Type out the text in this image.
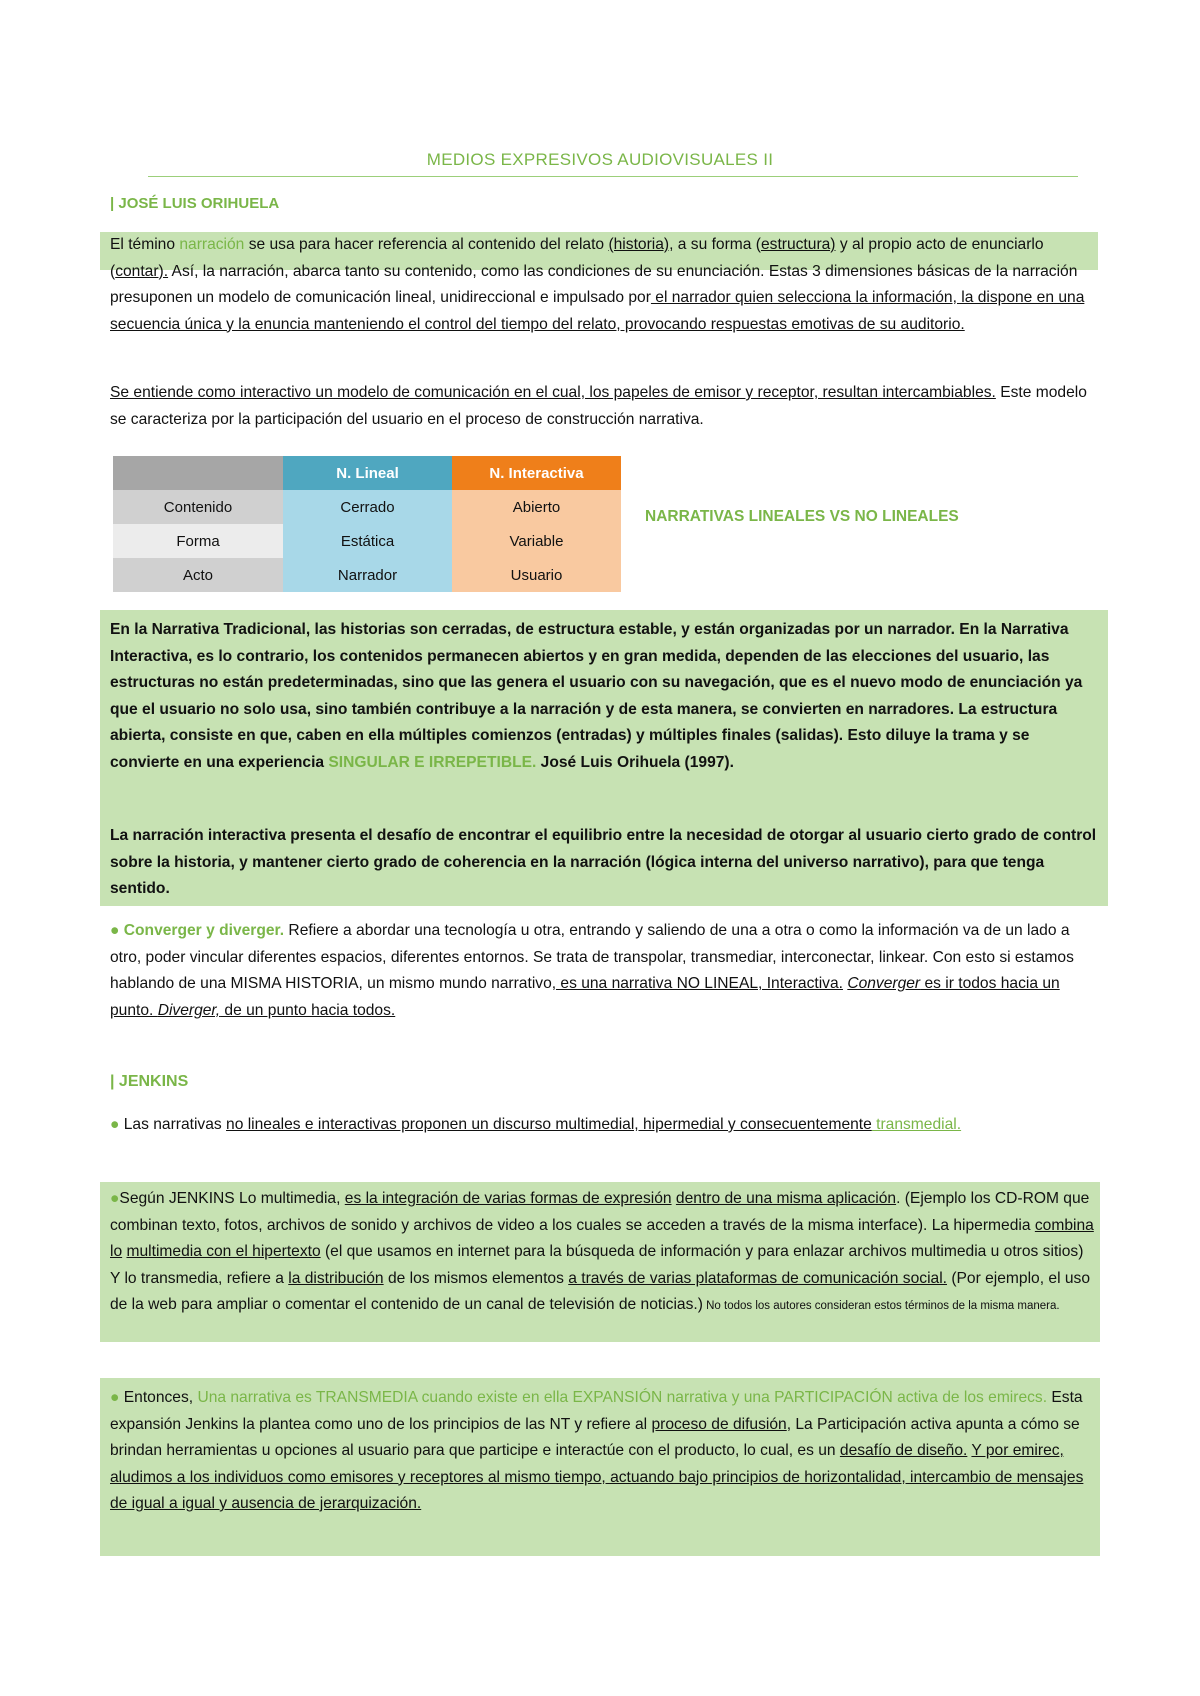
MEDIOS EXPRESIVOS AUDIOVISUALES II
| JOSÉ LUIS ORIHUELA
El témino narración se usa para hacer referencia al contenido del relato (historia), a su forma (estructura) y al propio acto de enunciarlo (contar). Así, la narración, abarca tanto su contenido, como las condiciones de su enunciación. Estas 3 dimensiones básicas de la narración presuponen un modelo de comunicación lineal, unidireccional e impulsado por el narrador quien selecciona la información, la dispone en una secuencia única y la enuncia manteniendo el control del tiempo del relato, provocando respuestas emotivas de su auditorio.
Se entiende como interactivo un modelo de comunicación en el cual, los papeles de emisor y receptor, resultan intercambiables. Este modelo se caracteriza por la participación del usuario en el proceso de construcción narrativa.
	N. Lineal	N. Interactiva
Contenido	Cerrado	Abierto
Forma	Estática	Variable
Acto	Narrador	Usuario
NARRATIVAS LINEALES VS NO LINEALES
En la Narrativa Tradicional, las historias son cerradas, de estructura estable, y están organizadas por un narrador. En la Narrativa Interactiva, es lo contrario, los contenidos permanecen abiertos y en gran medida, dependen de las elecciones del usuario, las estructuras no están predeterminadas, sino que las genera el usuario con su navegación, que es el nuevo modo de enunciación ya que el usuario no solo usa, sino también contribuye a la narración y de esta manera, se convierten en narradores. La estructura abierta, consiste en que, caben en ella múltiples comienzos (entradas) y múltiples finales (salidas). Esto diluye la trama y se convierte en una experiencia SINGULAR E IRREPETIBLE. José Luis Orihuela (1997).
La narración interactiva presenta el desafío de encontrar el equilibrio entre la necesidad de otorgar al usuario cierto grado de control sobre la historia, y mantener cierto grado de coherencia en la narración (lógica interna del universo narrativo), para que tenga sentido.
● Converger y diverger. Refiere a abordar una tecnología u otra, entrando y saliendo de una a otra o como la información va de un lado a otro, poder vincular diferentes espacios, diferentes entornos. Se trata de transpolar, transmediar, interconectar, linkear. Con esto si estamos hablando de una MISMA HISTORIA, un mismo mundo narrativo, es una narrativa NO LINEAL, Interactiva. Converger es ir todos hacia un punto. Diverger, de un punto hacia todos.
| JENKINS
● Las narrativas no lineales e interactivas proponen un discurso multimedial, hipermedial y consecuentemente transmedial.
●Según JENKINS Lo multimedia, es la integración de varias formas de expresión dentro de una misma aplicación. (Ejemplo los CD-ROM que combinan texto, fotos, archivos de sonido y archivos de video a los cuales se acceden a través de la misma interface). La hipermedia combina lo multimedia con el hipertexto (el que usamos en internet para la búsqueda de información y para enlazar archivos multimedia u otros sitios) Y lo transmedia, refiere a la distribución de los mismos elementos a través de varias plataformas de comunicación social. (Por ejemplo, el uso de la web para ampliar o comentar el contenido de un canal de televisión de noticias.) No todos los autores consideran estos términos de la misma manera.
● Entonces, Una narrativa es TRANSMEDIA cuando existe en ella EXPANSIÓN narrativa y una PARTICIPACIÓN activa de los emirecs. Esta expansión Jenkins la plantea como uno de los principios de las NT y refiere al proceso de difusión, La Participación activa apunta a cómo se brindan herramientas u opciones al usuario para que participe e interactúe con el producto, lo cual, es un desafío de diseño. Y por emirec, aludimos a los individuos como emisores y receptores al mismo tiempo, actuando bajo principios de horizontalidad, intercambio de mensajes de igual a igual y ausencia de jerarquización.
